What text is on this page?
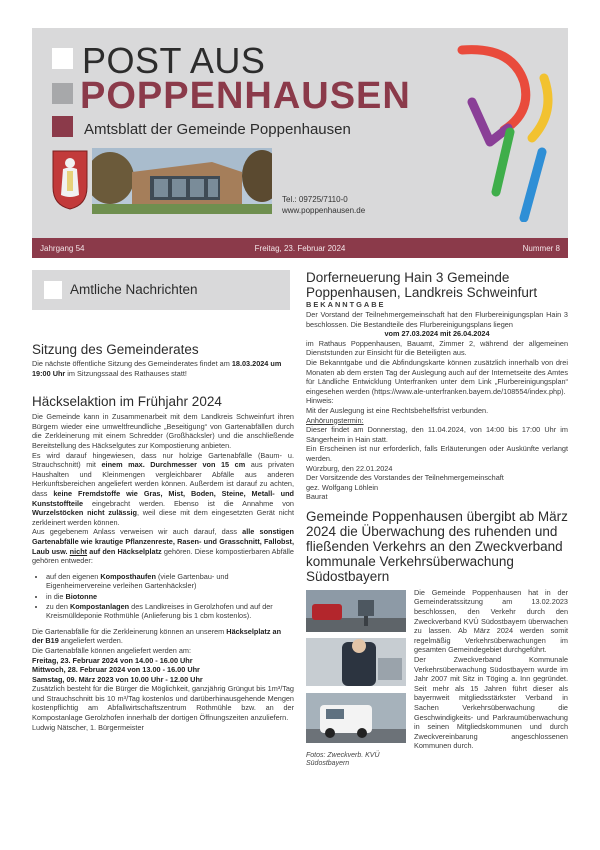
POST AUS
POPPENHAUSEN
Amtsblatt der Gemeinde Poppenhausen
Tel.: 09725/7110-0
www.poppenhausen.de
Freitag, 23. Februar 2024
Jahrgang 54	Nummer 8
Amtliche Nachrichten
Sitzung des Gemeinderates

Die nächste öffentliche Sitzung des Gemeinderates findet am 18.03.2024 um 19:00 Uhr im Sitzungssaal des Rathauses statt!

Häckselaktion im Frühjahr 2024

Die Gemeinde kann in Zusammenarbeit mit dem Landkreis Schweinfurt ihren Bürgern wieder eine umweltfreundliche „Beseitigung“ von Gartenabfällen durch die Zerkleinerung mit einem Schredder (Großhäcksler) und die anschließende Bereitstellung des Häckselgutes zur Kompostierung anbieten.

Es wird darauf hingewiesen, dass nur holzige Gartenabfälle (Baum- u. Strauchschnitt) mit einem max. Durchmesser von 15 cm aus privaten Haushalten und Kleinmengen vergleichbarer Abfälle aus anderen Herkunftsbereichen angeliefert werden können. Außerdem ist darauf zu achten, dass keine Fremdstoffe wie Gras, Mist, Boden, Steine, Metall- und Kunststoffteile eingebracht werden. Ebenso ist die Annahme von Wurzelstöcken nicht zulässig, weil diese mit dem eingesetzten Gerät nicht zerkleinert werden können.

Aus gegebenem Anlass verweisen wir auch darauf, dass alle sonstigen Gartenabfälle wie krautige Pflanzenreste, Rasen- und Grasschnitt, Fallobst, Laub usw. nicht auf den Häckselplatz gehören. Diese kompostierbaren Abfälle gehören entweder:

• auf den eigenen Komposthaufen (viele Gartenbau- und Eigenheimervereine verleihen Gartenhäcksler)
• in die Biotonne
• zu den Kompostanlagen des Landkreises in Gerolzhofen und auf der Kreismülldeponie Rothmühle (Anlieferung bis 1 cbm kostenlos).

Die Gartenabfälle für die Zerkleinerung können an unserem Häckselplatz an der B19 angeliefert werden.

Die Gartenabfälle können angeliefert werden am:

Freitag, 23. Februar 2024 von 14.00 - 16.00 Uhr

Mittwoch, 28. Februar 2024 von 13.00 - 16.00 Uhr

Samstag, 09. März 2023 von 10.00 Uhr - 12.00 Uhr

Zusätzlich besteht für die Bürger die Möglichkeit, ganzjährig Grüngut bis 1m³/Tag und Strauchschnitt bis 10 m³/Tag kostenlos und darüberhinausgehende Mengen kostenpflichtig am Abfallwirtschaftszentrum Rothmühle bzw. an der Kompostanlage Gerolzhofen innerhalb der dortigen Öffnungszeiten anzuliefern.

Ludwig Nätscher, 1. Bürgermeister

Dorferneuerung Hain 3 Gemeinde Poppenhausen, Landkreis Schweinfurt
BEKANNTGABE

Der Vorstand der Teilnehmergemeinschaft hat den Flurbereinigungsplan Hain 3 beschlossen. Die Bestandteile des Flurbereinigungsplans liegen

vom 27.03.2024 mit 26.04.2024

im Rathaus Poppenhausen, Bauamt, Zimmer 2, während der allgemeinen Dienststunden zur Einsicht für die Beteiligten aus.

Die Bekanntgabe und die Abfindungskarte können zusätzlich innerhalb von drei Monaten ab dem ersten Tag der Auslegung auch auf der Internetseite des Amtes für Ländliche Entwicklung Unterfranken unter dem Link „Flurbereinigungsplan“ eingesehen werden (https://www.ale-unterfranken.bayern.de/108554/index.php).

Hinweis:

Mit der Auslegung ist eine Rechtsbehelfsfrist verbunden.

Anhörungstermin:

Dieser findet am Donnerstag, den 11.04.2024, von 14:00 bis 17:00 Uhr im Sängerheim in Hain statt.

Ein Erscheinen ist nur erforderlich, falls Erläuterungen oder Auskünfte verlangt werden.

Würzburg, den 22.01.2024

Der Vorsitzende des Vorstandes der Teilnehmergemeinschaft

gez. Wolfgang Löhlein

Baurat

Gemeinde Poppenhausen übergibt ab März 2024 die Überwachung des ruhenden und fließenden Verkehrs an den Zweckverband kommunale Verkehrsüberwachung Südostbayern
Fotos: Zweckverb. KVÜ Südostbayern

Die Gemeinde Poppenhausen hat in der Gemeinderatssitzung am 13.02.2023 beschlossen, den Verkehr durch den Zweckverband KVÜ Südostbayern überwachen zu lassen. Ab März 2024 werden somit regelmäßig Verkehrsüberwachungen im gesamten Gemeindegebiet durchgeführt.

Der Zweckverband Kommunale Verkehrsüberwachung Südostbayern wurde im Jahr 2007 mit Sitz in Töging a. Inn gegründet. Seit mehr als 15 Jahren führt dieser als bayernweit mitgliedsstärkster Verband in Sachen Verkehrsüberwachung die Geschwindigkeits- und Parkraumüberwachung in seinen Mitgliedskommunen und durch Zweckvereinbarung angeschlossenen Kommunen durch.
